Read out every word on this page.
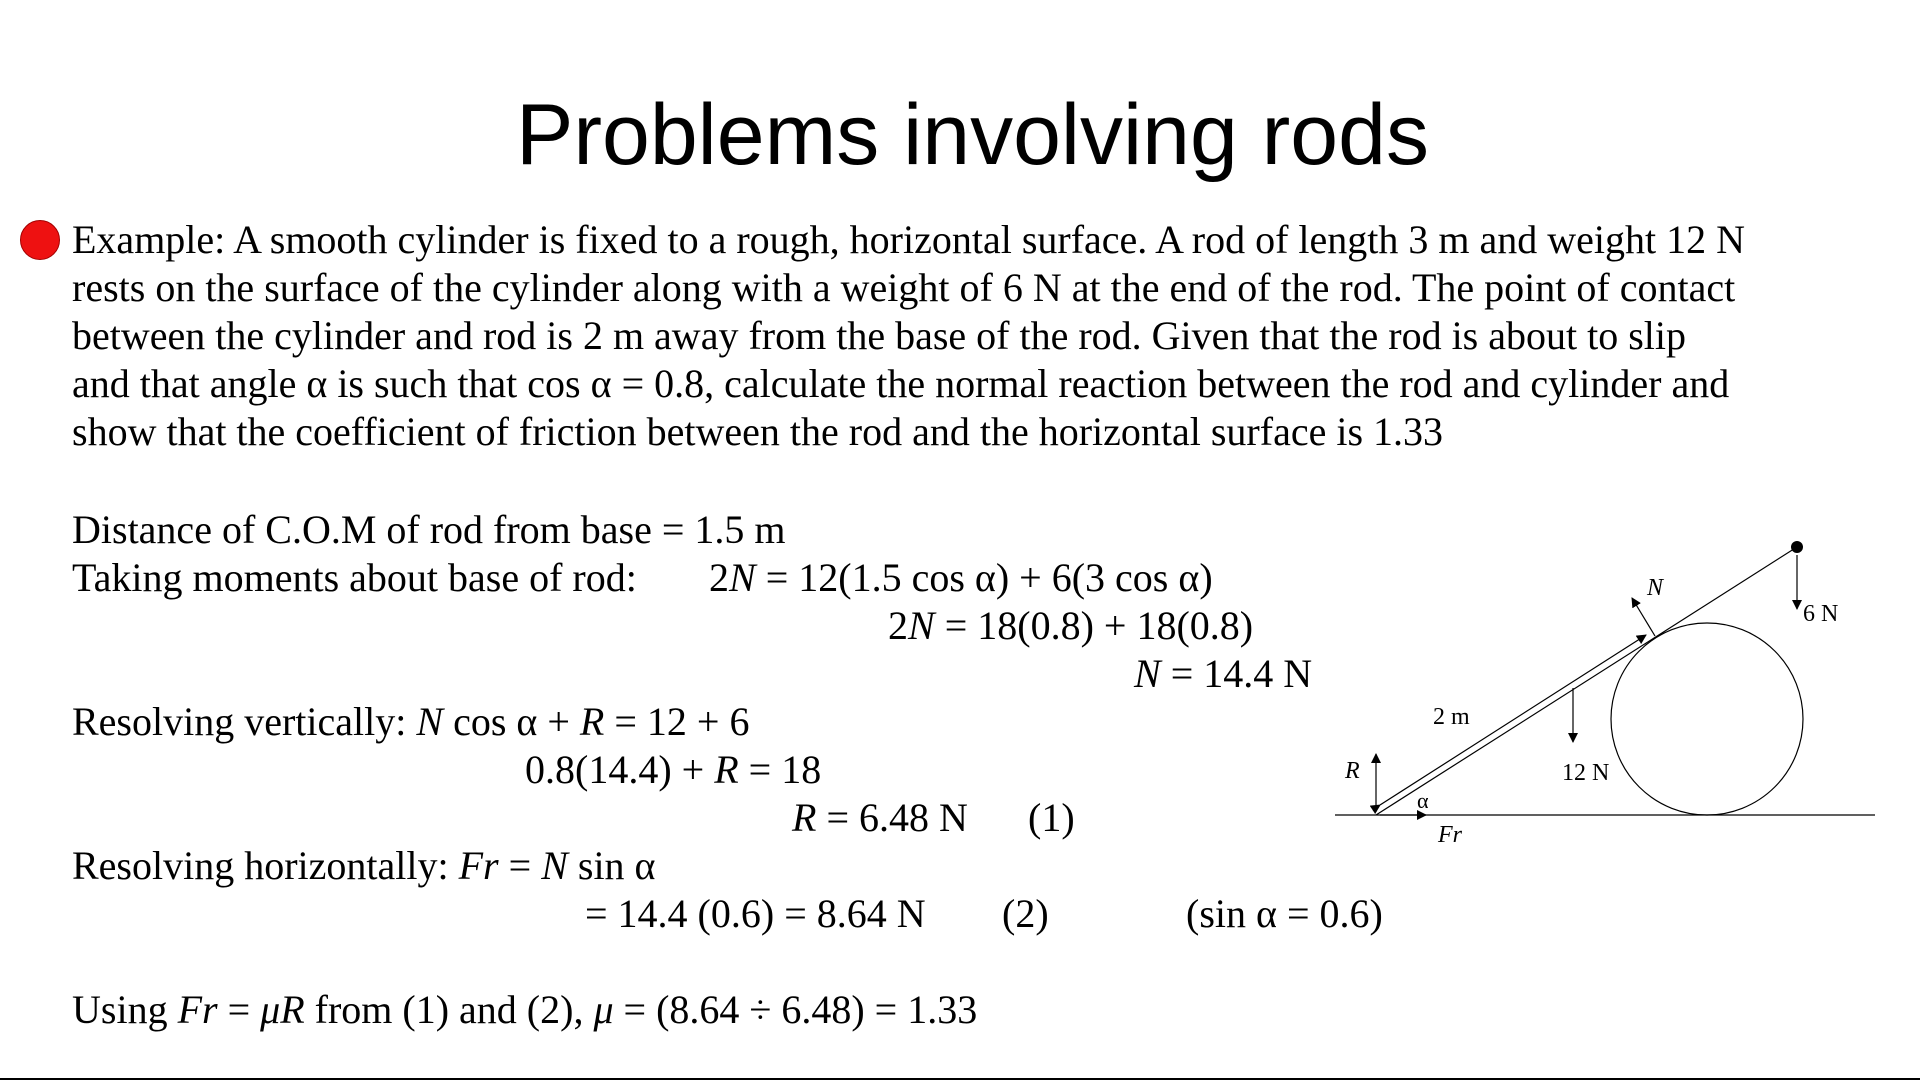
Problems involving rods
Example: A smooth cylinder is fixed to a rough, horizontal surface. A rod of length 3 m and weight 12 N
rests on the surface of the cylinder along with a weight of 6 N at the end of the rod. The point of contact
between the cylinder and rod is 2 m away from the base of the rod. Given that the rod is about to slip
and that angle α is such that cos α = 0.8, calculate the normal reaction between the rod and cylinder and
show that the coefficient of friction between the rod and the horizontal surface is 1.33
Distance of C.O.M of rod from base = 1.5 m
Taking moments about base of rod: 2N = 12(1.5 cos α) + 6(3 cos α)
2N = 18(0.8) + 18(0.8)
N = 14.4 N
Resolving vertically: N cos α + R = 12 + 6
0.8(14.4) + R = 18
R = 6.48 N (1)
Resolving horizontally: Fr = N sin α
= 14.4 (0.6) = 8.64 N (2)	(sin α = 0.6)
Using Fr = μR from (1) and (2), μ = (8.64 ÷ 6.48) = 1.33
N
6 N
2 m
12 N
R
α
Fr
